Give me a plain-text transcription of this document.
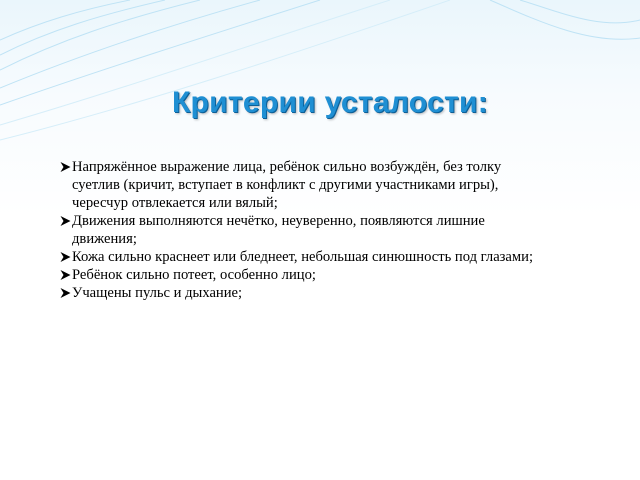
Критерии усталости:
Напряжённое выражение лица, ребёнок сильно возбуждён, без толку суетлив (кричит, вступает в конфликт с другими участниками игры), чересчур отвлекается или вялый;
Движения выполняются нечётко, неуверенно, появляются лишние движения;
Кожа сильно краснеет или бледнеет, небольшая синюшность под глазами;
Ребёнок сильно потеет, особенно лицо;
Учащены пульс и дыхание;
